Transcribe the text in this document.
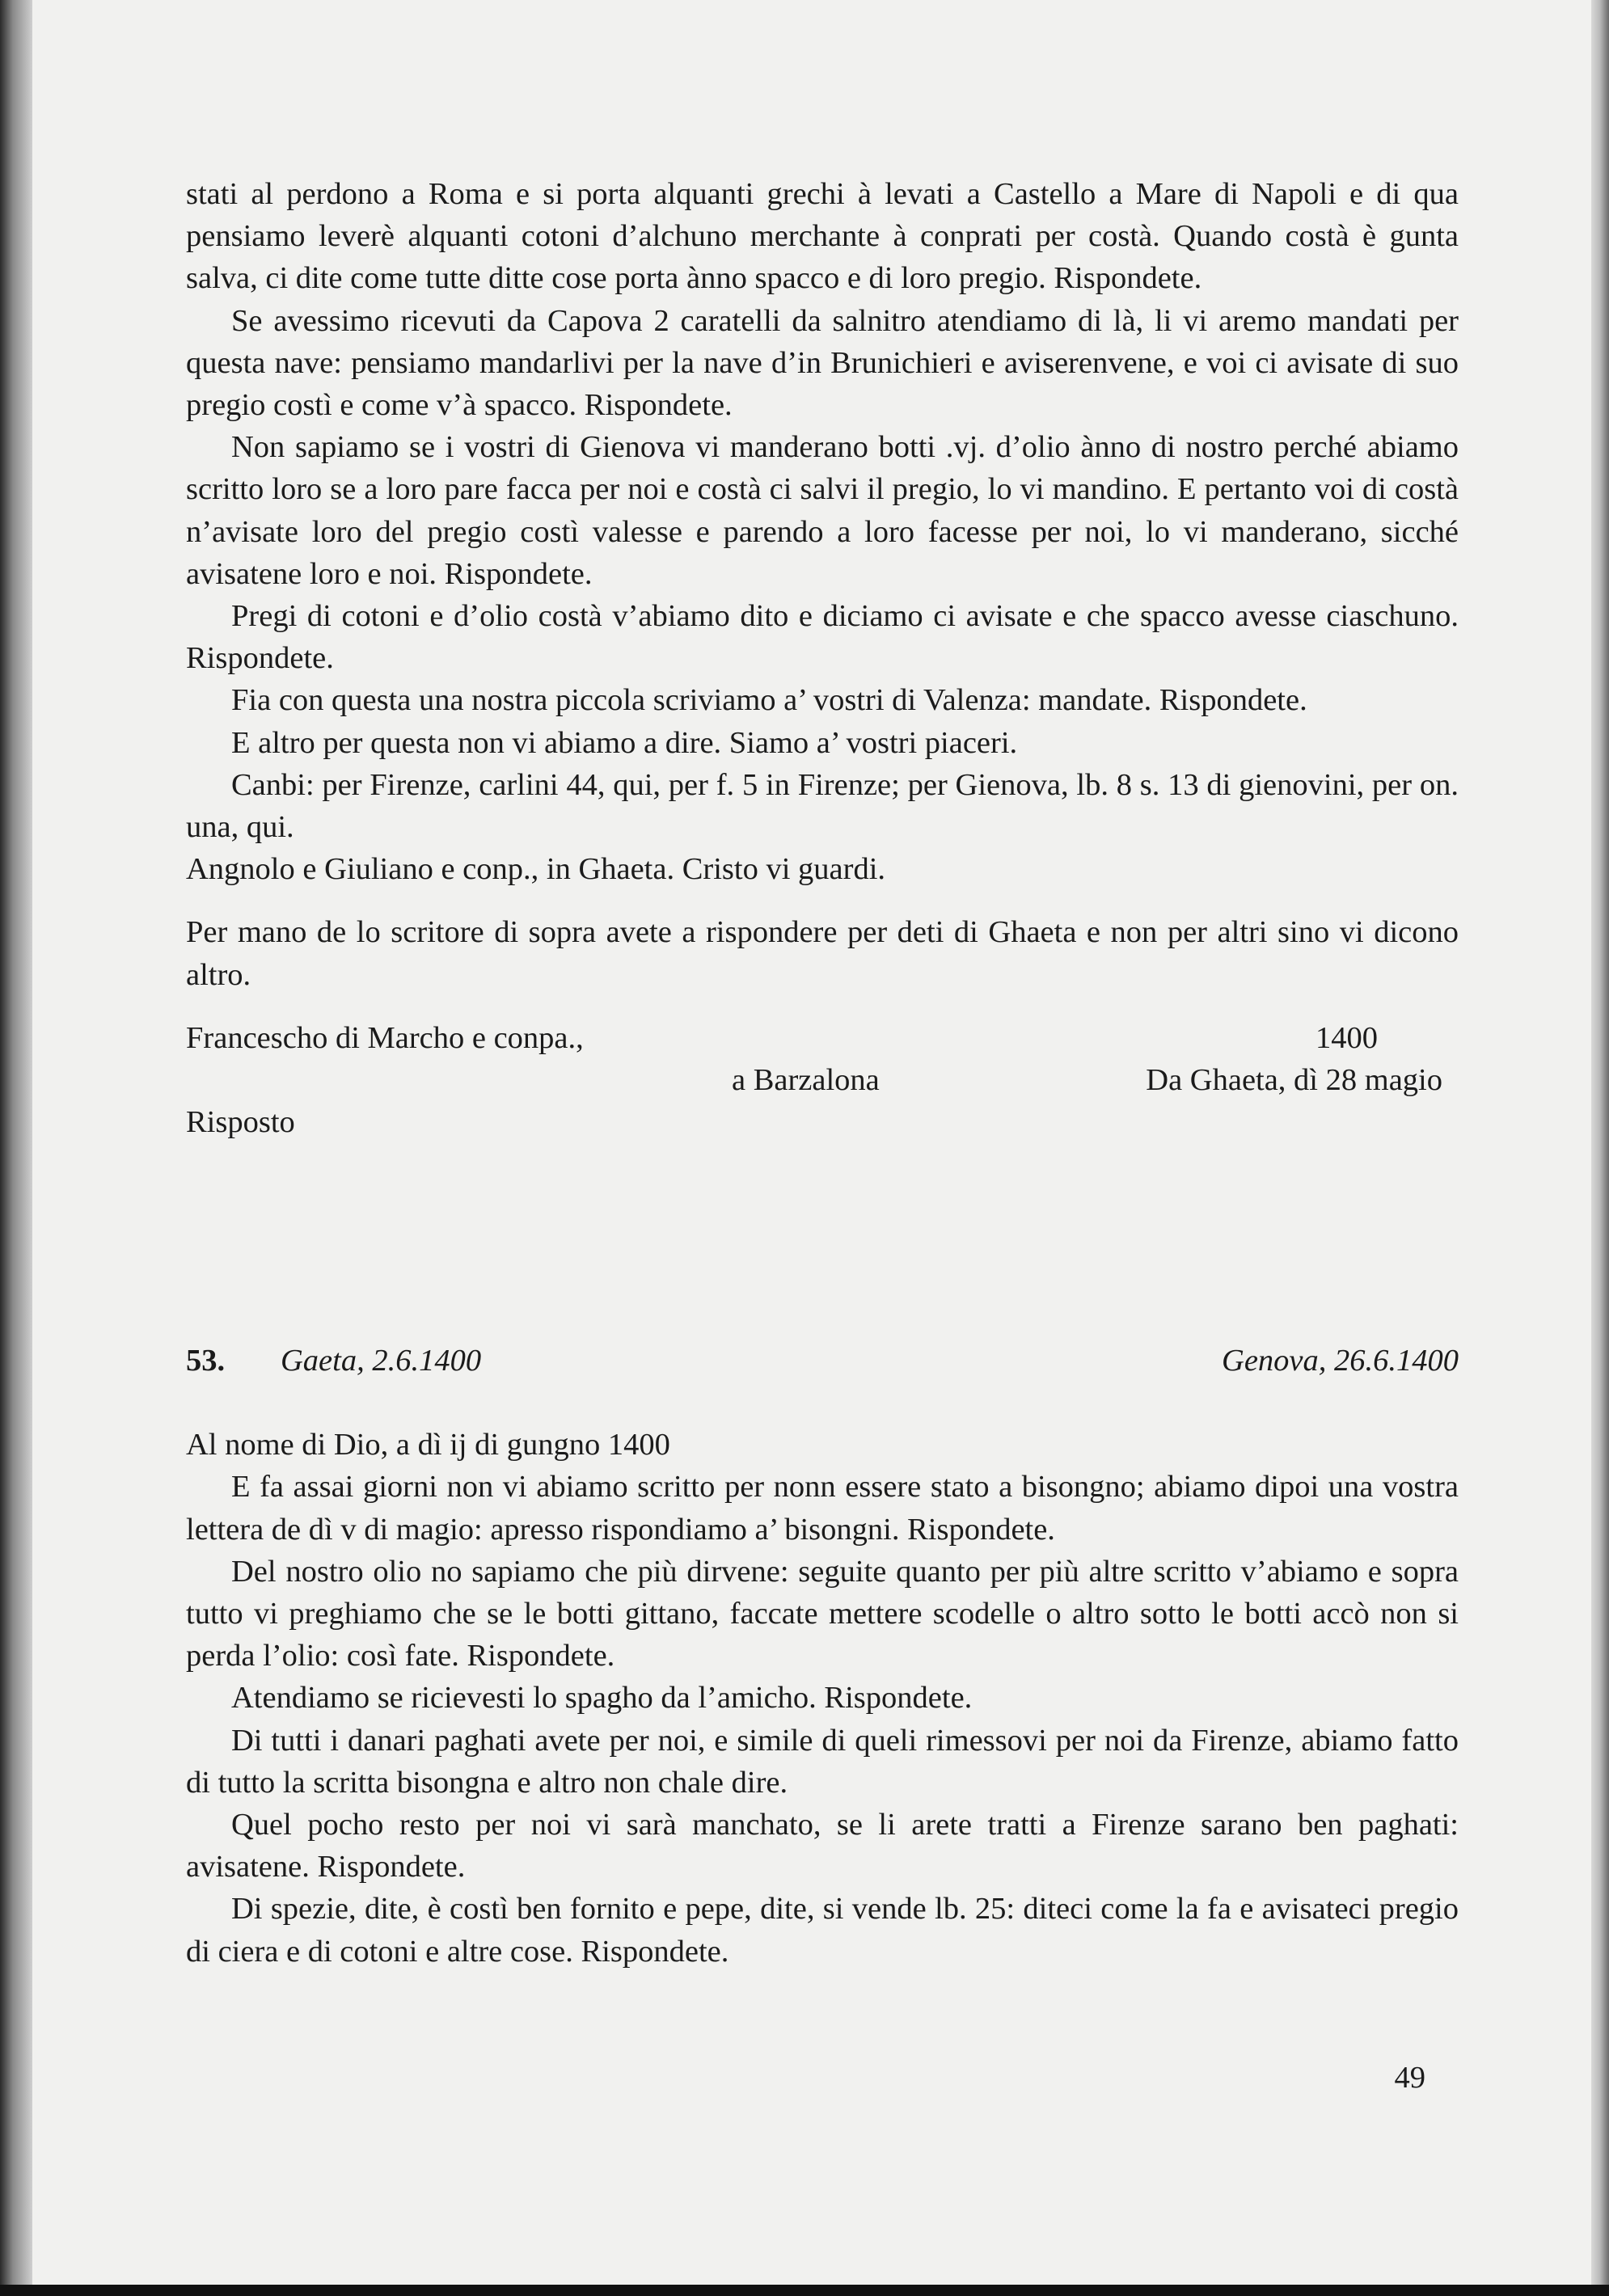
stati al perdono a Roma e si porta alquanti grechi à levati a Castello a Mare di Napoli e di qua pensiamo leverè alquanti cotoni d’alchuno merchante à conprati per costà. Quando costà è gunta salva, ci dite come tutte ditte cose porta ànno spacco e di loro pregio. Rispondete.

Se avessimo ricevuti da Capova 2 caratelli da salnitro atendiamo di là, li vi aremo mandati per questa nave: pensiamo mandarlivi per la nave d’in Brunichieri e aviserenvene, e voi ci avisate di suo pregio costì e come v’à spacco. Rispondete.

Non sapiamo se i vostri di Gienova vi manderano botti .vj. d’olio ànno di nostro perché abiamo scritto loro se a loro pare facca per noi e costà ci salvi il pregio, lo vi mandino. E pertanto voi di costà n’avisate loro del pregio costì valesse e parendo a loro facesse per noi, lo vi manderano, sicché avisatene loro e noi. Rispondete.

Pregi di cotoni e d’olio costà v’abiamo dito e diciamo ci avisate e che spacco avesse ciaschuno. Rispondete.

Fia con questa una nostra piccola scriviamo a’ vostri di Valenza: mandate. Rispondete.

E altro per questa non vi abiamo a dire. Siamo a’ vostri piaceri.

Canbi: per Firenze, carlini 44, qui, per f. 5 in Firenze; per Gienova, lb. 8 s. 13 di gienovini, per on. una, qui.

Angnolo e Giuliano e conp., in Ghaeta. Cristo vi guardi.

Per mano de lo scritore di sopra avete a rispondere per deti di Ghaeta e non per altri sino vi dicono altro.

Francescho di Marcho e conpa.,	1400
a Barzalona	Da Ghaeta, dì 28 magio
Risposto
53. Gaeta, 2.6.1400	Genova, 26.6.1400

Al nome di Dio, a dì ij di gungno 1400

E fa assai giorni non vi abiamo scritto per nonn essere stato a bisongno; abiamo dipoi una vostra lettera de dì v di magio: apresso rispondiamo a’ bisongni. Rispondete.

Del nostro olio no sapiamo che più dirvene: seguite quanto per più altre scritto v’abiamo e sopra tutto vi preghiamo che se le botti gittano, faccate mettere scodelle o altro sotto le botti accò non si perda l’olio: così fate. Rispondete.

Atendiamo se ricievesti lo spagho da l’amicho. Rispondete.

Di tutti i danari paghati avete per noi, e simile di queli rimessovi per noi da Firenze, abiamo fatto di tutto la scritta bisongna e altro non chale dire.

Quel pocho resto per noi vi sarà manchato, se li arete tratti a Firenze sarano ben paghati: avisatene. Rispondete.

Di spezie, dite, è costì ben fornito e pepe, dite, si vende lb. 25: diteci come la fa e avisateci pregio di ciera e di cotoni e altre cose. Rispondete.

49
